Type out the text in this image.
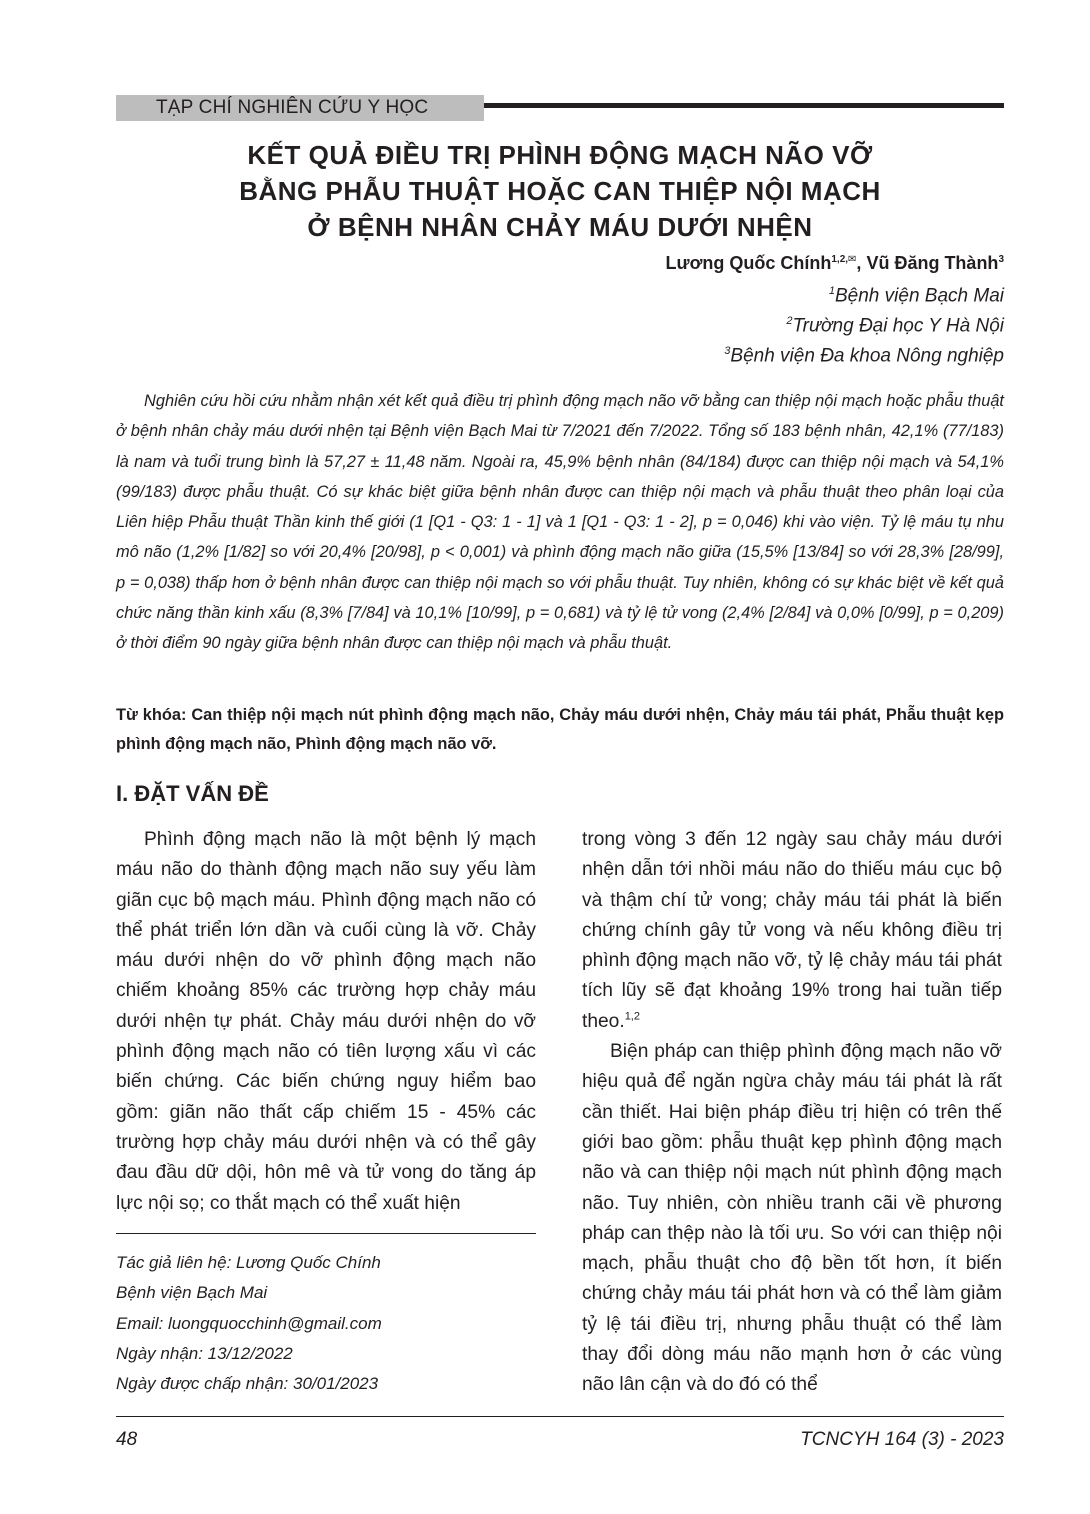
TẠP CHÍ NGHIÊN CỨU Y HỌC
KẾT QUẢ ĐIỀU TRỊ PHÌNH ĐỘNG MẠCH NÃO VỠ
BẰNG PHẪU THUẬT HOẶC CAN THIỆP NỘI MẠCH
Ở BỆNH NHÂN CHẢY MÁU DƯỚI NHỆN
Lương Quốc Chính$^{1,2,✉}$, Vũ Đăng Thành$^3$
$^1$Bệnh viện Bạch Mai
$^2$Trường Đại học Y Hà Nội
$^3$Bệnh viện Đa khoa Nông nghiệp

Nghiên cứu hồi cứu nhằm nhận xét kết quả điều trị phình động mạch não vỡ bằng can thiệp nội mạch hoặc phẫu thuật ở bệnh nhân chảy máu dưới nhện tại Bệnh viện Bạch Mai từ 7/2021 đến 7/2022. Tổng số 183 bệnh nhân, 42,1% (77/183) là nam và tuổi trung bình là 57,27 ± 11,48 năm. Ngoài ra, 45,9% bệnh nhân (84/184) được can thiệp nội mạch và 54,1% (99/183) được phẫu thuật. Có sự khác biệt giữa bệnh nhân được can thiệp nội mạch và phẫu thuật theo phân loại của Liên hiệp Phẫu thuật Thần kinh thế giới (1 [Q1 - Q3: 1 - 1] và 1 [Q1 - Q3: 1 - 2], p = 0,046) khi vào viện. Tỷ lệ máu tụ nhu mô não (1,2% [1/82] so với 20,4% [20/98], p < 0,001) và phình động mạch não giữa (15,5% [13/84] so với 28,3% [28/99], p = 0,038) thấp hơn ở bệnh nhân được can thiệp nội mạch so với phẫu thuật. Tuy nhiên, không có sự khác biệt về kết quả chức năng thần kinh xấu (8,3% [7/84] và 10,1% [10/99], p = 0,681) và tỷ lệ tử vong (2,4% [2/84] và 0,0% [0/99], p = 0,209) ở thời điểm 90 ngày giữa bệnh nhân được can thiệp nội mạch và phẫu thuật.

Từ khóa: Can thiệp nội mạch nút phình động mạch não, Chảy máu dưới nhện, Chảy máu tái phát, Phẫu thuật kẹp phình động mạch não, Phình động mạch não vỡ.

I. ĐẶT VẤN ĐỀ

Phình động mạch não là một bệnh lý mạch máu não do thành động mạch não suy yếu làm giãn cục bộ mạch máu. Phình động mạch não có thể phát triển lớn dần và cuối cùng là vỡ. Chảy máu dưới nhện do vỡ phình động mạch não chiếm khoảng 85% các trường hợp chảy máu dưới nhện tự phát. Chảy máu dưới nhện do vỡ phình động mạch não có tiên lượng xấu vì các biến chứng. Các biến chứng nguy hiểm bao gồm: giãn não thất cấp chiếm 15 - 45% các trường hợp chảy máu dưới nhện và có thể gây đau đầu dữ dội, hôn mê và tử vong do tăng áp lực nội sọ; co thắt mạch có thể xuất hiện

trong vòng 3 đến 12 ngày sau chảy máu dưới nhện dẫn tới nhồi máu não do thiếu máu cục bộ và thậm chí tử vong; chảy máu tái phát là biến chứng chính gây tử vong và nếu không điều trị phình động mạch não vỡ, tỷ lệ chảy máu tái phát tích lũy sẽ đạt khoảng 19% trong hai tuần tiếp theo.$^{1,2}$

Biện pháp can thiệp phình động mạch não vỡ hiệu quả để ngăn ngừa chảy máu tái phát là rất cần thiết. Hai biện pháp điều trị hiện có trên thế giới bao gồm: phẫu thuật kẹp phình động mạch não và can thiệp nội mạch nút phình động mạch não. Tuy nhiên, còn nhiều tranh cãi về phương pháp can thệp nào là tối ưu. So với can thiệp nội mạch, phẫu thuật cho độ bền tốt hơn, ít biến chứng chảy máu tái phát hơn và có thể làm giảm tỷ lệ tái điều trị, nhưng phẫu thuật có thể làm thay đổi dòng máu não mạnh hơn ở các vùng não lân cận và do đó có thể

Tác giả liên hệ: Lương Quốc Chính
Bệnh viện Bạch Mai
Email: luongquocchinh@gmail.com
Ngày nhận: 13/12/2022
Ngày được chấp nhận: 30/01/2023
48	TCNCYH 164 (3) - 2023
